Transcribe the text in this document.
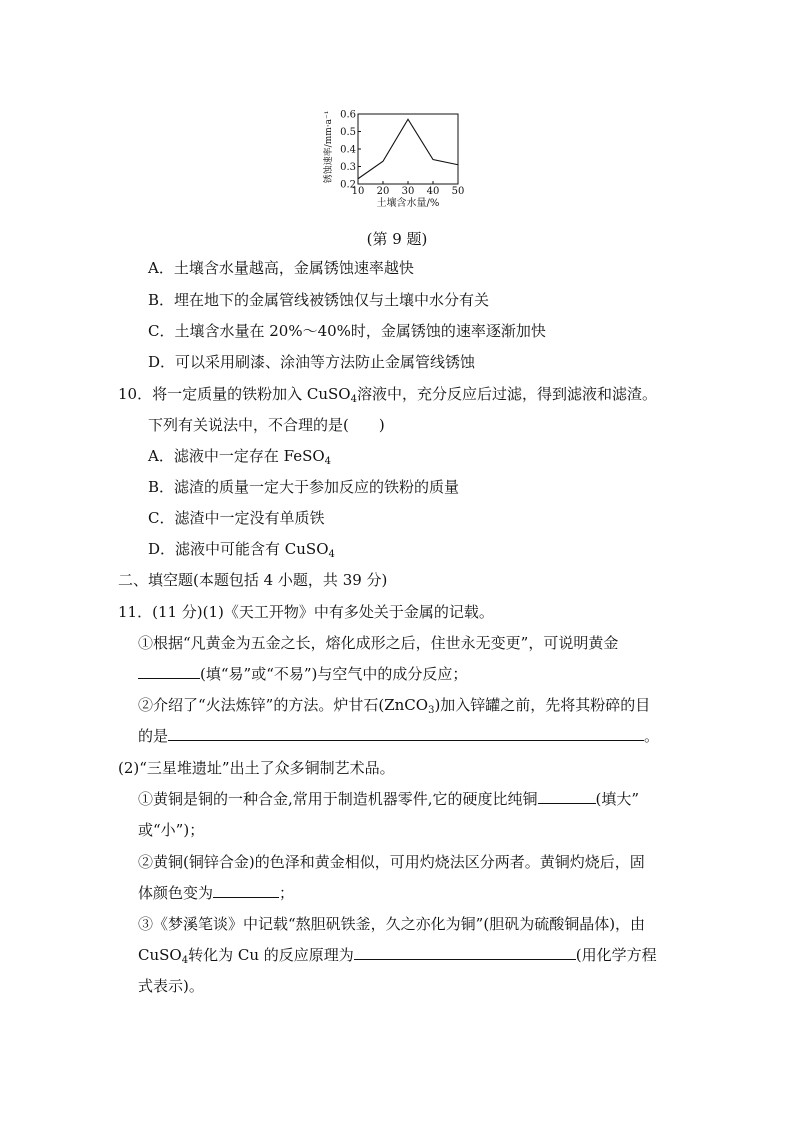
10 20 30 40 50
0.2
0.3
0.4
0.5
0.6
土壤含水量/%
锈蚀速率/mm·a⁻¹
(第 9 题)
A．土壤含水量越高，金属锈蚀速率越快
B．埋在地下的金属管线被锈蚀仅与土壤中水分有关
C．土壤含水量在 20%～40%时，金属锈蚀的速率逐渐加快
D．可以采用刷漆、涂油等方法防止金属管线锈蚀
10．将一定质量的铁粉加入 CuSO$_4$溶液中，充分反应后过滤，得到滤液和滤渣。
下列有关说法中，不合理的是(　　)
A．滤液中一定存在 FeSO$_4$
B．滤渣的质量一定大于参加反应的铁粉的质量
C．滤渣中一定没有单质铁
D．滤液中可能含有 CuSO$_4$
二、填空题(本题包括 4 小题，共 39 分)
11．(11 分)(1)《天工开物》中有多处关于金属的记载。
①根据“凡黄金为五金之长，熔化成形之后，住世永无变更”，可说明黄金
(填“易”或“不易”)与空气中的成分反应；
②介绍了“火法炼锌”的方法。炉甘石(ZnCO$_3$)加入锌罐之前，先将其粉碎的目
的是	。
(2)“三星堆遗址”出土了众多铜制艺术品。
①黄铜是铜的一种合金,常用于制造机器零件,它的硬度比纯铜	(填大”
或“小”)；
②黄铜(铜锌合金)的色泽和黄金相似，可用灼烧法区分两者。黄铜灼烧后，固
体颜色变为	；
③《梦溪笔谈》中记载“熬胆矾铁釜，久之亦化为铜”(胆矾为硫酸铜晶体)，由
CuSO$_4$转化为 Cu 的反应原理为	(用化学方程
式表示)。
